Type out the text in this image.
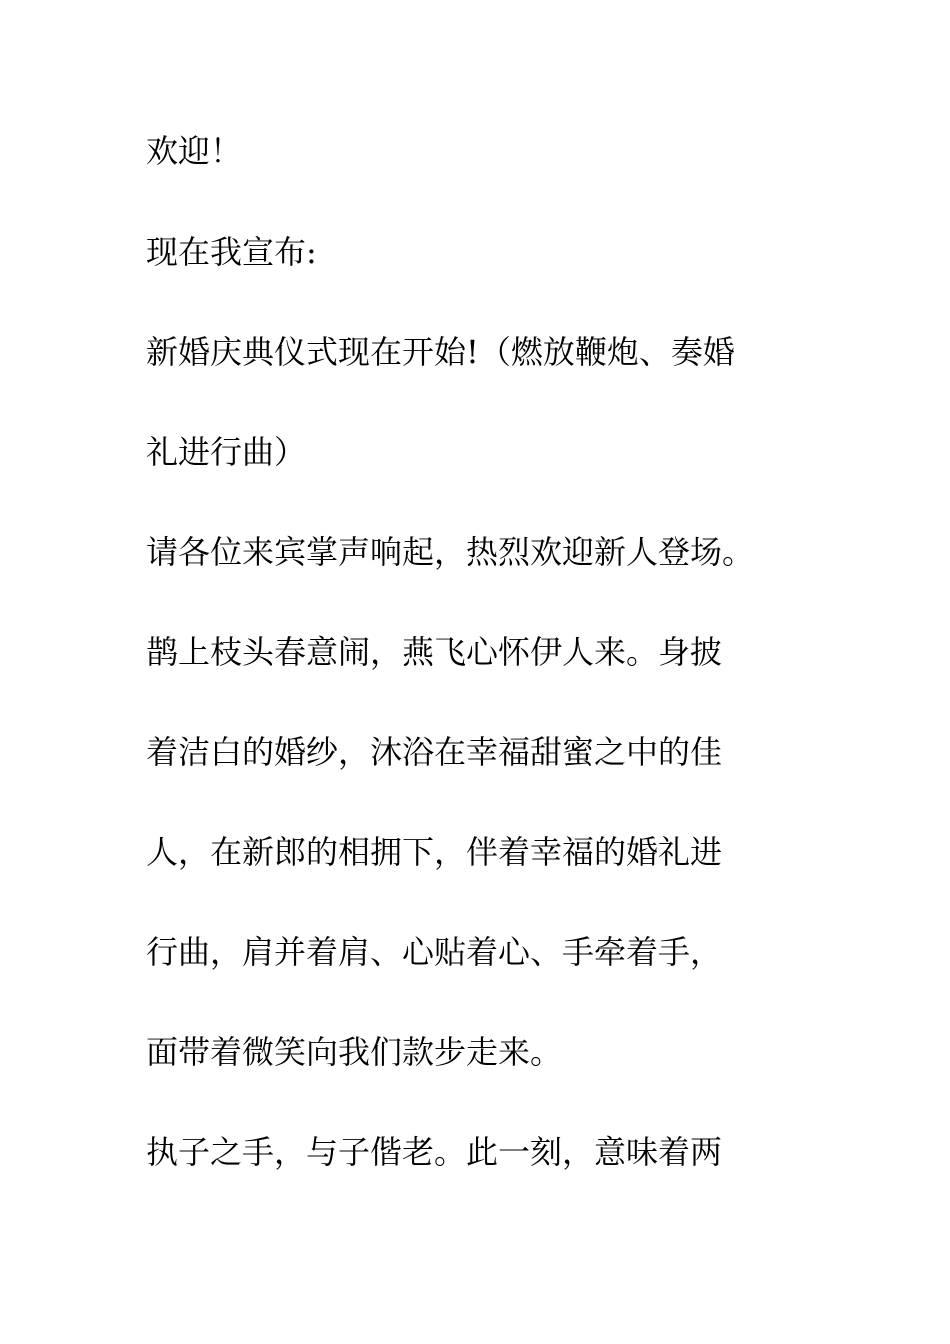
欢迎！

现在我宣布:

新婚庆典仪式现在开始!（燃放鞭炮、奏婚

礼进行曲）

请各位来宾掌声响起，热烈欢迎新人登场。

鹊上枝头春意闹，燕飞心怀伊人来。身披

着洁白的婚纱，沐浴在幸福甜蜜之中的佳

人，在新郎的相拥下，伴着幸福的婚礼进

行曲，肩并着肩、心贴着心、手牵着手，

面带着微笑向我们款步走来。

执子之手，与子偕老。此一刻，意味着两
